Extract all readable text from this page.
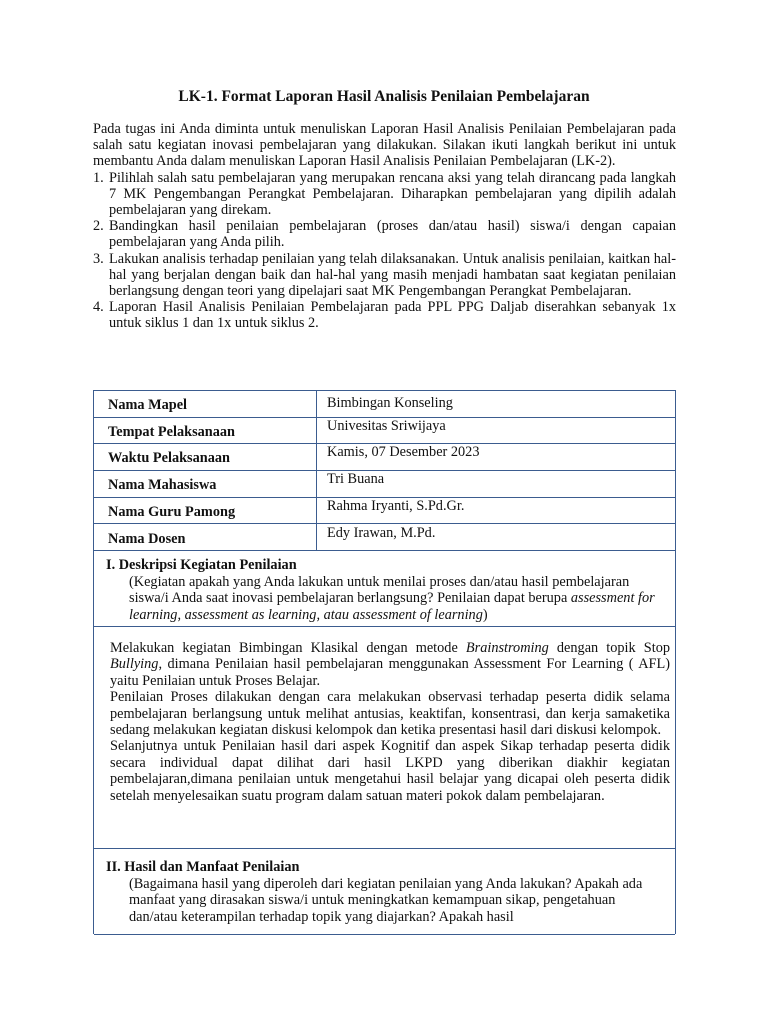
LK-1. Format Laporan Hasil Analisis Penilaian Pembelajaran

Pada tugas ini Anda diminta untuk menuliskan Laporan Hasil Analisis Penilaian Pembelajaran pada salah satu kegiatan inovasi pembelajaran yang dilakukan. Silakan ikuti langkah berikut ini untuk membantu Anda dalam menuliskan Laporan Hasil Analisis Penilaian Pembelajaran (LK-2).

1. Pilihlah salah satu pembelajaran yang merupakan rencana aksi yang telah dirancang pada langkah 7 MK Pengembangan Perangkat Pembelajaran. Diharapkan pembelajaran yang dipilih adalah pembelajaran yang direkam.
2. Bandingkan hasil penilaian pembelajaran (proses dan/atau hasil) siswa/i dengan capaian pembelajaran yang Anda pilih.
3. Lakukan analisis terhadap penilaian yang telah dilaksanakan. Untuk analisis penilaian, kaitkan hal-hal yang berjalan dengan baik dan hal-hal yang masih menjadi hambatan saat kegiatan penilaian berlangsung dengan teori yang dipelajari saat MK Pengembangan Perangkat Pembelajaran.
4. Laporan Hasil Analisis Penilaian Pembelajaran pada PPL PPG Daljab diserahkan sebanyak 1x untuk siklus 1 dan 1x untuk siklus 2.
Nama Mapel	Bimbingan Konseling
Tempat Pelaksanaan	Univesitas Sriwijaya
Waktu Pelaksanaan	Kamis, 07 Desember 2023
Nama Mahasiswa	Tri Buana
Nama Guru Pamong	Rahma Iryanti, S.Pd.Gr.
Nama Dosen	Edy Irawan, M.Pd.
I. Deskripsi Kegiatan Penilaian
(Kegiatan apakah yang Anda lakukan untuk menilai proses dan/atau hasil pembelajaran siswa/i Anda saat inovasi pembelajaran berlangsung? Penilaian dapat berupa assessment for learning, assessment as learning, atau assessment of learning)

Melakukan kegiatan Bimbingan Klasikal dengan metode Brainstroming dengan topik Stop Bullying, dimana Penilaian hasil pembelajaran menggunakan Assessment For Learning ( AFL) yaitu Penilaian untuk Proses Belajar.

Penilaian Proses dilakukan dengan cara melakukan observasi terhadap peserta didik selama pembelajaran berlangsung untuk melihat antusias, keaktifan, konsentrasi, dan kerja samaketika sedang melakukan kegiatan diskusi kelompok dan ketika presentasi hasil dari diskusi kelompok.

Selanjutnya untuk Penilaian hasil dari aspek Kognitif dan aspek Sikap terhadap peserta didik secara individual dapat dilihat dari hasil LKPD yang diberikan diakhir kegiatan pembelajaran,dimana penilaian untuk mengetahui hasil belajar yang dicapai oleh peserta didik setelah menyelesaikan suatu program dalam satuan materi pokok dalam pembelajaran.

II. Hasil dan Manfaat Penilaian
(Bagaimana hasil yang diperoleh dari kegiatan penilaian yang Anda lakukan? Apakah ada manfaat yang dirasakan siswa/i untuk meningkatkan kemampuan sikap, pengetahuan dan/atau keterampilan terhadap topik yang diajarkan? Apakah hasil
